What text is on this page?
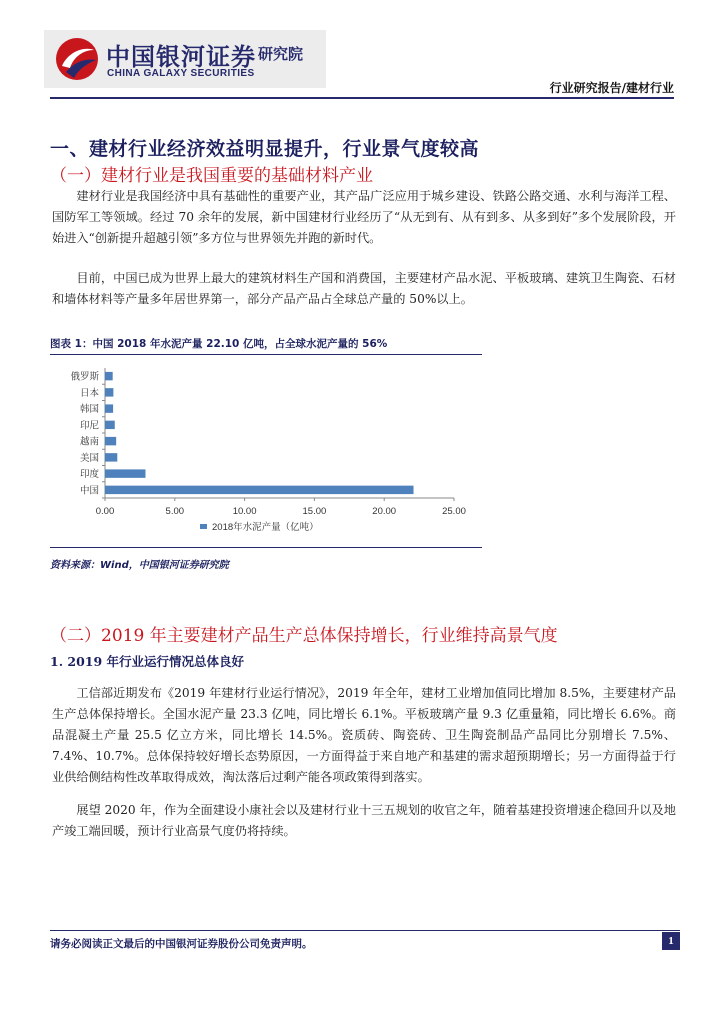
中国银河证券
CHINA GALAXY SECURITIES
研究院
行业研究报告/建材行业
一、建材行业经济效益明显提升，行业景气度较高
（一）建材行业是我国重要的基础材料产业

建材行业是我国经济中具有基础性的重要产业，其产品广泛应用于城乡建设、铁路公路交通、水利与海洋工程、国防军工等领域。经过 70 余年的发展，新中国建材行业经历了“从无到有、从有到多、从多到好”多个发展阶段，开始进入“创新提升超越引领”多方位与世界领先并跑的新时代。

目前，中国已成为世界上最大的建筑材料生产国和消费国，主要建材产品水泥、平板玻璃、建筑卫生陶瓷、石材和墙体材料等产量多年居世界第一，部分产品产品占全球总产量的 50%以上。

图表 1：中国 2018 年水泥产量 22.10 亿吨，占全球水泥产量的 56%
中国
印度
美国
越南
印尼
韩国
日本
俄罗斯
0.00	5.00	10.00	15.00	20.00	25.00
2018年水泥产量（亿吨）
资料来源：Wind，中国银河证券研究院
（二）2019 年主要建材产品生产总体保持增长，行业维持高景气度
1. 2019 年行业运行情况总体良好

工信部近期发布《2019 年建材行业运行情况》，2019 年全年，建材工业增加值同比增加 8.5%，主要建材产品生产总体保持增长。全国水泥产量 23.3 亿吨，同比增长 6.1%。平板玻璃产量 9.3 亿重量箱，同比增长 6.6%。商品混凝土产量 25.5 亿立方米，同比增长 14.5%。瓷质砖、陶瓷砖、卫生陶瓷制品产品同比分别增长 7.5%、7.4%、10.7%。总体保持较好增长态势原因，一方面得益于来自地产和基建的需求超预期增长；另一方面得益于行业供给侧结构性改革取得成效，淘汰落后过剩产能各项政策得到落实。

展望 2020 年，作为全面建设小康社会以及建材行业十三五规划的收官之年，随着基建投资增速企稳回升以及地产竣工端回暖，预计行业高景气度仍将持续。

请务必阅读正文最后的中国银河证券股份公司免责声明。	1
